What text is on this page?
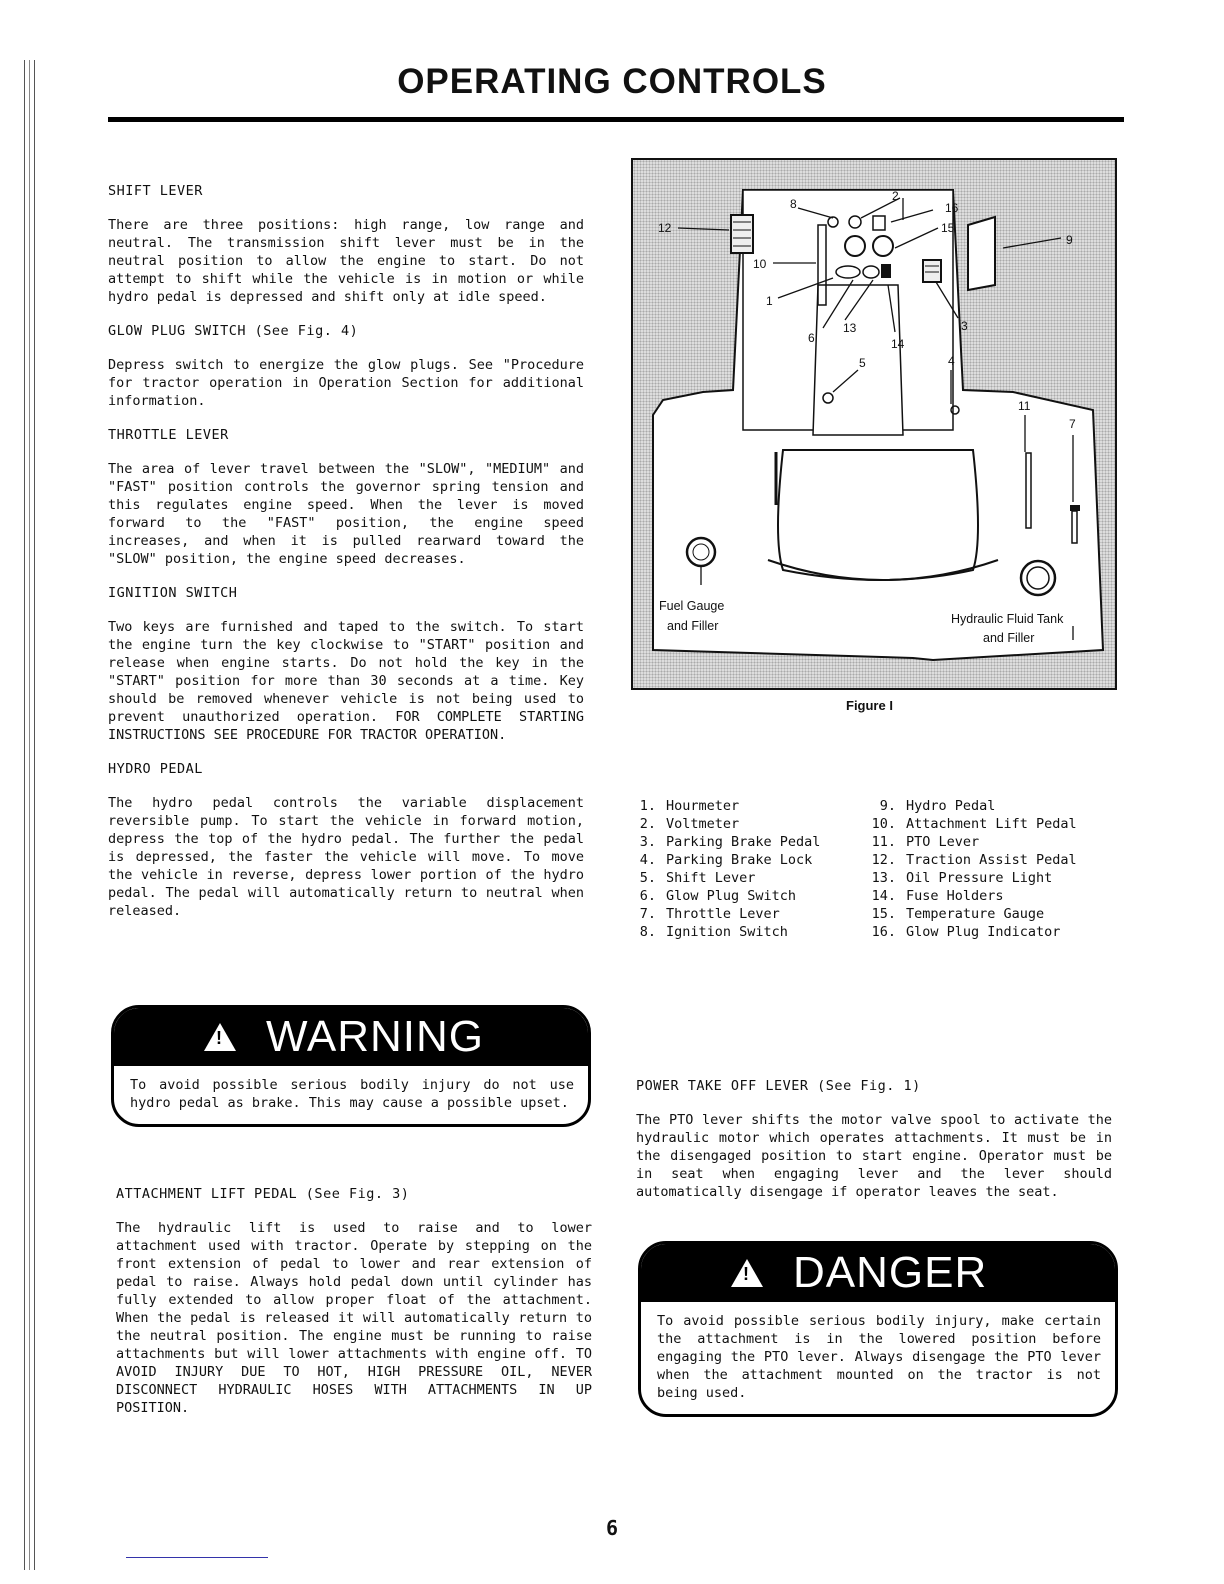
OPERATING CONTROLS
SHIFT LEVER

There are three positions: high range, low range and neutral. The transmission shift lever must be in the neutral position to allow the engine to start. Do not attempt to shift while the vehicle is in motion or while hydro pedal is depressed and shift only at idle speed.

GLOW PLUG SWITCH (See Fig. 4)

Depress switch to energize the glow plugs. See "Procedure for tractor operation in Operation Section for additional information.

THROTTLE LEVER

The area of lever travel between the "SLOW", "MEDIUM" and "FAST" position controls the governor spring tension and this regulates engine speed. When the lever is moved forward to the "FAST" position, the engine speed increases, and when it is pulled rearward toward the "SLOW" position, the engine speed decreases.

IGNITION SWITCH

Two keys are furnished and taped to the switch. To start the engine turn the key clockwise to "START" position and release when engine starts. Do not hold the key in the "START" position for more than 30 seconds at a time. Key should be removed whenever vehicle is not being used to prevent unauthorized operation. FOR COMPLETE STARTING INSTRUCTIONS SEE PROCEDURE FOR TRACTOR OPERATION.

HYDRO PEDAL

The hydro pedal controls the variable displacement reversible pump. To start the vehicle in forward motion, depress the top of the hydro pedal. The further the pedal is depressed, the faster the vehicle will move. To move the vehicle in reverse, depress lower portion of the hydro pedal. The pedal will automatically return to neutral when released.

! WARNING
To avoid possible serious bodily injury do not use hydro pedal as brake. This may cause a possible upset.
ATTACHMENT LIFT PEDAL (See Fig. 3)

The hydraulic lift is used to raise and to lower attachment used with tractor. Operate by stepping on the front extension of pedal to lower and rear extension of pedal to raise. Always hold pedal down until cylinder has fully extended to allow proper float of the attachment. When the pedal is released it will automatically return to the neutral position. The engine must be running to raise attachments but will lower attachments with engine off. TO AVOID INJURY DUE TO HOT, HIGH PRESSURE OIL, NEVER DISCONNECT HYDRAULIC HOSES WITH ATTACHMENTS IN UP POSITION.

12
8
2
16
15
9
10
1
6
13
14
3
5	4
11
7
Fuel Gauge
and Filler	Hydraulic Fluid Tank
and Filler
Figure I
1. Hourmeter
2. Voltmeter
3. Parking Brake Pedal
4. Parking Brake Lock
5. Shift Lever
6. Glow Plug Switch
7. Throttle Lever
8. Ignition Switch
9. Hydro Pedal
10. Attachment Lift Pedal
11. PTO Lever
12. Traction Assist Pedal
13. Oil Pressure Light
14. Fuse Holders
15. Temperature Gauge
16. Glow Plug Indicator
POWER TAKE OFF LEVER (See Fig. 1)

The PTO lever shifts the motor valve spool to activate the hydraulic motor which operates attachments. It must be in the disengaged position to start engine. Operator must be in seat when engaging lever and the lever should automatically disengage if operator leaves the seat.

! DANGER
To avoid possible serious bodily injury, make certain the attachment is in the lowered position before engaging the PTO lever. Always disengage the PTO lever when the attachment mounted on the tractor is not being used.
6
